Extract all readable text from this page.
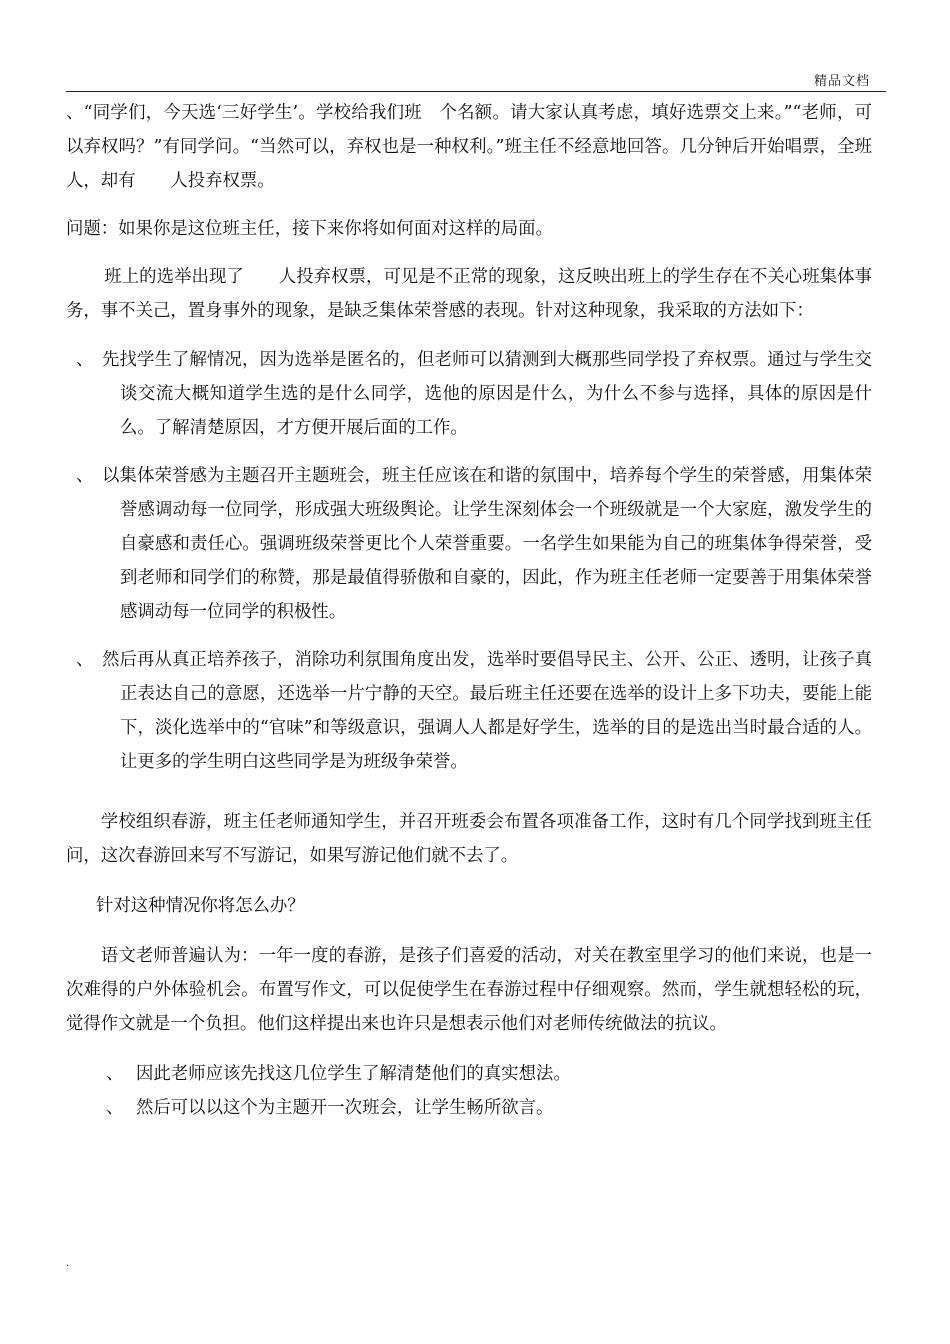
精品文档

、“同学们，今天选‘三好学生’。学校给我们班　个名额。请大家认真考虑，填好选票交上来。”“老师，可以弃权吗？”有同学问。“当然可以，弃权也是一种权利。”班主任不经意地回答。几分钟后开始唱票，全班　　人，却有　　人投弃权票。

问题：如果你是这位班主任，接下来你将如何面对这样的局面。

班上的选举出现了　　人投弃权票，可见是不正常的现象，这反映出班上的学生存在不关心班集体事务，事不关己，置身事外的现象，是缺乏集体荣誉感的表现。针对这种现象，我采取的方法如下：

、 先找学生了解情况，因为选举是匿名的，但老师可以猜测到大概那些同学投了弃权票。通过与学生交谈交流大概知道学生选的是什么同学，选他的原因是什么，为什么不参与选择，具体的原因是什么。了解清楚原因，才方便开展后面的工作。
、 以集体荣誉感为主题召开主题班会，班主任应该在和谐的氛围中，培养每个学生的荣誉感，用集体荣誉感调动每一位同学，形成强大班级舆论。让学生深刻体会一个班级就是一个大家庭，激发学生的自豪感和责任心。强调班级荣誉更比个人荣誉重要。一名学生如果能为自己的班集体争得荣誉，受到老师和同学们的称赞，那是最值得骄傲和自豪的，因此，作为班主任老师一定要善于用集体荣誉感调动每一位同学的积极性。
、 然后再从真正培养孩子，消除功利氛围角度出发，选举时要倡导民主、公开、公正、透明，让孩子真正表达自己的意愿，还选举一片宁静的天空。最后班主任还要在选举的设计上多下功夫，要能上能下，淡化选举中的“官味”和等级意识，强调人人都是好学生，选举的目的是选出当时最合适的人。让更多的学生明白这些同学是为班级争荣誉。

学校组织春游，班主任老师通知学生，并召开班委会布置各项准备工作，这时有几个同学找到班主任　问，这次春游回来写不写游记，如果写游记他们就不去了。

针对这种情况你将怎么办？

语文老师普遍认为：一年一度的春游，是孩子们喜爱的活动，对关在教室里学习的他们来说，也是一次难得的户外体验机会。布置写作文，可以促使学生在春游过程中仔细观察。然而，学生就想轻松的玩，觉得作文就是一个负担。他们这样提出来也许只是想表示他们对老师传统做法的抗议。

、 因此老师应该先找这几位学生了解清楚他们的真实想法。
、 然后可以以这个为主题开一次班会，让学生畅所欲言。
.
